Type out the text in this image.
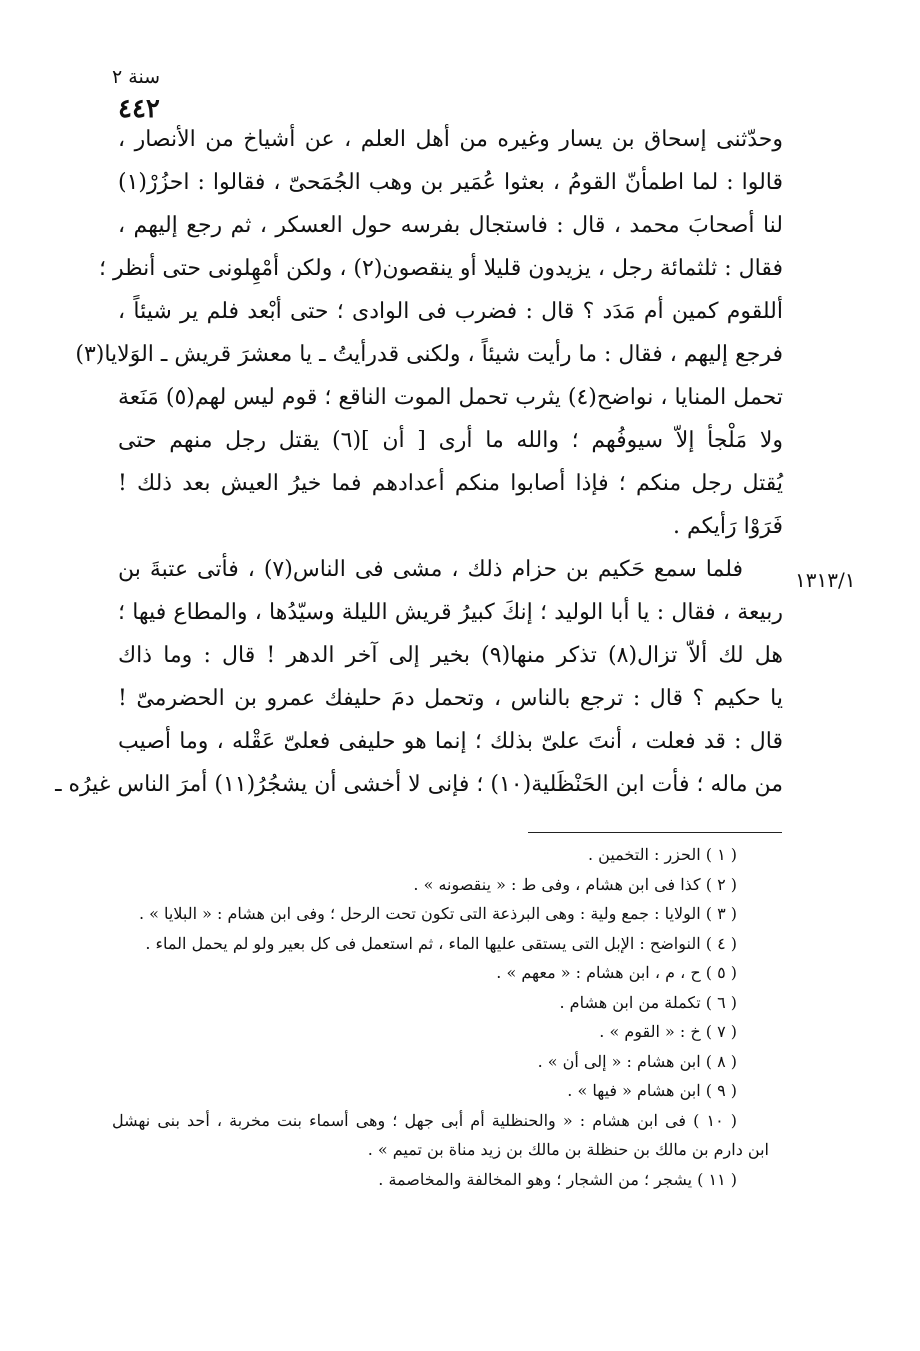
سنة ٢
٤٤٢
وحدّثنى إسحاق بن يسار وغيره من أهل العلم ، عن أشياخ من الأنصار ،
قالوا : لما اطمأنّ القومُ ، بعثوا عُمَير بن وهب الجُمَحىّ ، فقالوا : احزُرْ(١)
لنا أصحابَ محمد ، قال : فاستجال بفرسه حول العسكر ، ثم رجع إليهم ،
فقال : ثلثمائة رجل ، يزيدون قليلا أو ينقصون(٢) ، ولكن أمْهِلونى حتى أنظر ؛
أللقوم كمين أم مَدَد ؟ قال : فضرب فى الوادى ؛ حتى أبْعد فلم ير شيئاً ،
فرجع إليهم ، فقال : ما رأيت شيئاً ، ولكنى قدرأيتُ ـ يا معشرَ قريش ـ الوَلايا(٣)
تحمل المنايا ، نواضح(٤) يثرب تحمل الموت الناقع ؛ قوم ليس لهم(٥) مَنَعة
ولا مَلْجأ إلاّ سيوفُهم ؛ والله ما أرى [ أن ](٦) يقتل رجل منهم حتى
يُقتل رجل منكم ؛ فإذا أصابوا منكم أعدادهم فما خيرُ العيش بعد ذلك !
فَرَوْا رَأيكم .
فلما سمع حَكيم بن حزام ذلك ، مشى فى الناس(٧) ، فأتى عتبةَ بن
ربيعة ، فقال : يا أبا الوليد ؛ إنكَ كبيرُ قريش الليلة وسيّدُها ، والمطاع فيها ؛
هل لك ألاّ تزال(٨) تذكر منها(٩) بخير إلى آخر الدهر ! قال : وما ذاك
يا حكيم ؟ قال : ترجع بالناس ، وتحمل دمَ حليفك عمرو بن الحضرمىّ !
قال : قد فعلت ، أنتَ علىّ بذلك ؛ إنما هو حليفى فعلىّ عَقْله ، وما أصيب
من ماله ؛ فأت ابن الحَنْظَلية(١٠) ؛ فإنى لا أخشى أن يشجُرُ(١١) أمرَ الناس غيرُه ـ
١٣١٣/١
( ١ ) الحزر : التخمين .
( ٢ ) كذا فى ابن هشام ، وفى ط : « ينقصونه » .
( ٣ ) الولايا : جمع ولية : وهى البرذعة التى تكون تحت الرحل ؛ وفى ابن هشام : « البلايا » .
( ٤ ) النواضح : الإبل التى يستقى عليها الماء ، ثم استعمل فى كل بعير ولو لم يحمل الماء .
( ٥ ) ح ، م ، ابن هشام : « معهم » .
( ٦ ) تكملة من ابن هشام .
( ٧ ) خ : « القوم » .
( ٨ ) ابن هشام : « إلى أن » .
( ٩ ) ابن هشام « فيها » .
( ١٠ ) فى ابن هشام : « والحنظلية أم أبى جهل ؛ وهى أسماء بنت مخربة ، أحد بنى نهشل
ابن دارم بن مالك بن حنظلة بن مالك بن زيد مناة بن تميم » .
( ١١ ) يشجر ؛ من الشجار ؛ وهو المخالفة والمخاصمة .
